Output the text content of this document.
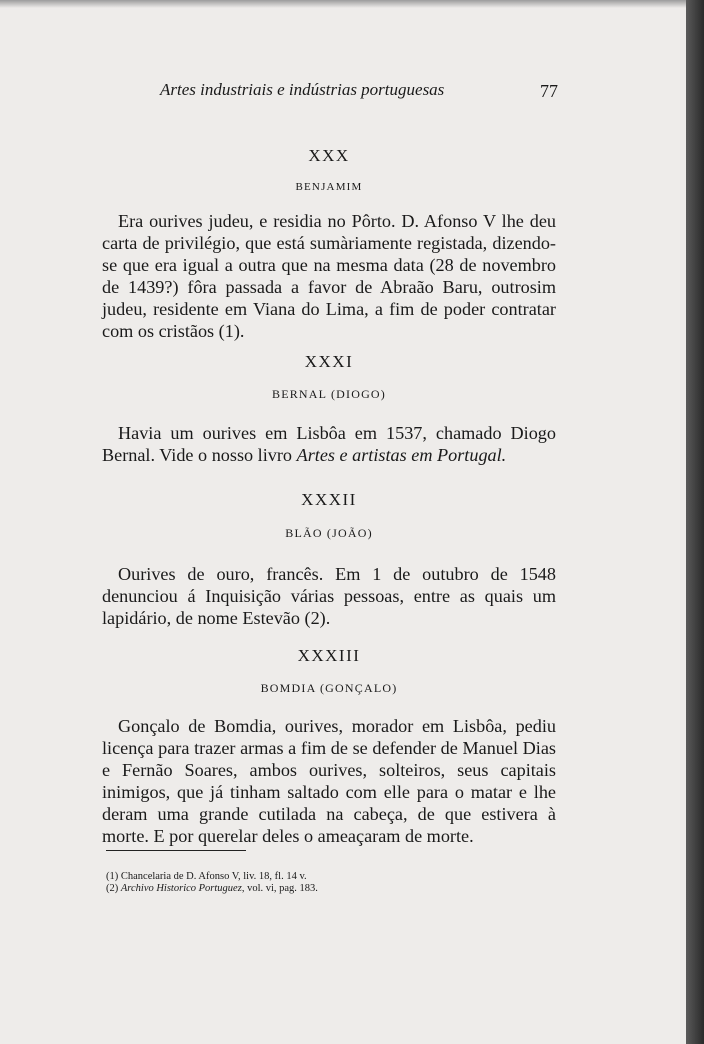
Artes industriais e indústrias portuguesas	77
XXX
BENJAMIM

Era ourives judeu, e residia no Pôrto. D. Afonso V lhe deu carta de privilégio, que está sumàriamente registada, dizendo-se que era igual a outra que na mesma data (28 de novembro de 1439?) fôra passada a favor de Abraão Baru, outrosim judeu, residente em Viana do Lima, a fim de poder contratar com os cristãos (1).

XXXI
BERNAL (DIOGO)

Havia um ourives em Lisbôa em 1537, chamado Diogo Bernal. Vide o nosso livro Artes e artistas em Portugal.

XXXII
BLÃO (JOÃO)

Ourives de ouro, francês. Em 1 de outubro de 1548 denunciou á Inquisição várias pessoas, entre as quais um lapidário, de nome Estevão (2).

XXXIII
BOMDIA (GONÇALO)

Gonçalo de Bomdia, ourives, morador em Lisbôa, pediu licença para trazer armas a fim de se defender de Manuel Dias e Fernão Soares, ambos ourives, solteiros, seus capitais inimigos, que já tinham saltado com elle para o matar e lhe deram uma grande cutilada na cabeça, de que estivera à morte. E por querelar deles o ameaçaram de morte.

(1) Chancelaria de D. Afonso V, liv. 18, fl. 14 v.
(2) Archivo Historico Portuguez, vol. vi, pag. 183.
